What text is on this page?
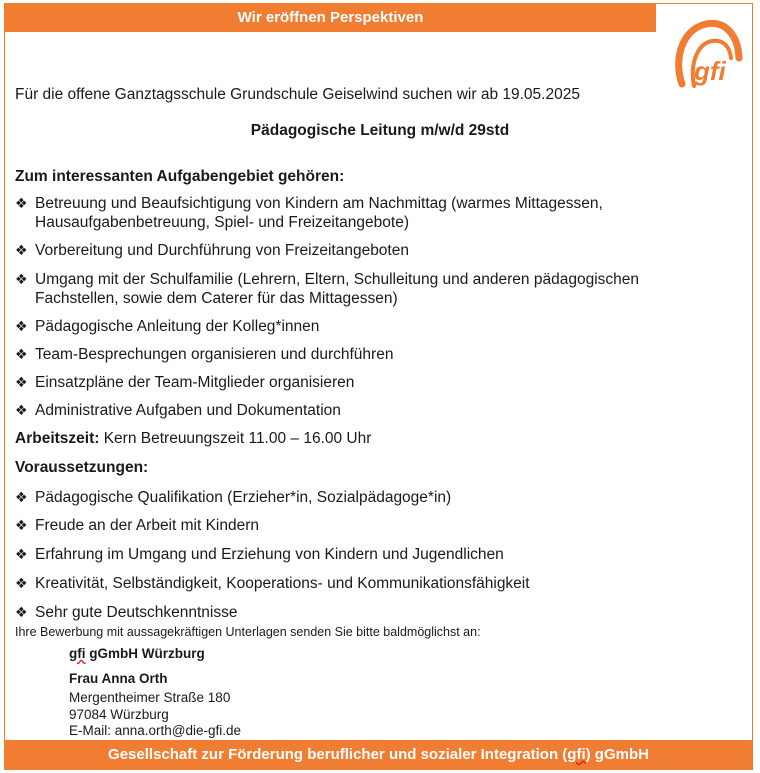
Wir eröffnen Perspektiven
gfi
Für die offene Ganztagsschule Grundschule Geiselwind suchen wir ab 19.05.2025
Pädagogische Leitung m/w/d 29std
Zum interessanten Aufgabengebiet gehören:
❖ Betreuung und Beaufsichtigung von Kindern am Nachmittag (warmes Mittagessen, Hausaufgabenbetreuung, Spiel- und Freizeitangebote)
❖ Vorbereitung und Durchführung von Freizeitangeboten
❖ Umgang mit der Schulfamilie (Lehrern, Eltern, Schulleitung und anderen pädagogischen Fachstellen, sowie dem Caterer für das Mittagessen)
❖ Pädagogische Anleitung der Kolleg*innen
❖ Team-Besprechungen organisieren und durchführen
❖ Einsatzpläne der Team-Mitglieder organisieren
❖ Administrative Aufgaben und Dokumentation
Arbeitszeit: Kern Betreuungszeit 11.00 – 16.00 Uhr
Voraussetzungen:
❖ Pädagogische Qualifikation (Erzieher*in, Sozialpädagoge*in)
❖ Freude an der Arbeit mit Kindern
❖ Erfahrung im Umgang und Erziehung von Kindern und Jugendlichen
❖ Kreativität, Selbständigkeit, Kooperations- und Kommunikationsfähigkeit
❖ Sehr gute Deutschkenntnisse
Ihre Bewerbung mit aussagekräftigen Unterlagen senden Sie bitte baldmöglichst an:
gfi gGmbH Würzburg
Frau Anna Orth
Mergentheimer Straße 180
97084 Würzburg
E-Mail: anna.orth@die-gfi.de
Gesellschaft zur Förderung beruflicher und sozialer Integration (gfi) gGmbH
